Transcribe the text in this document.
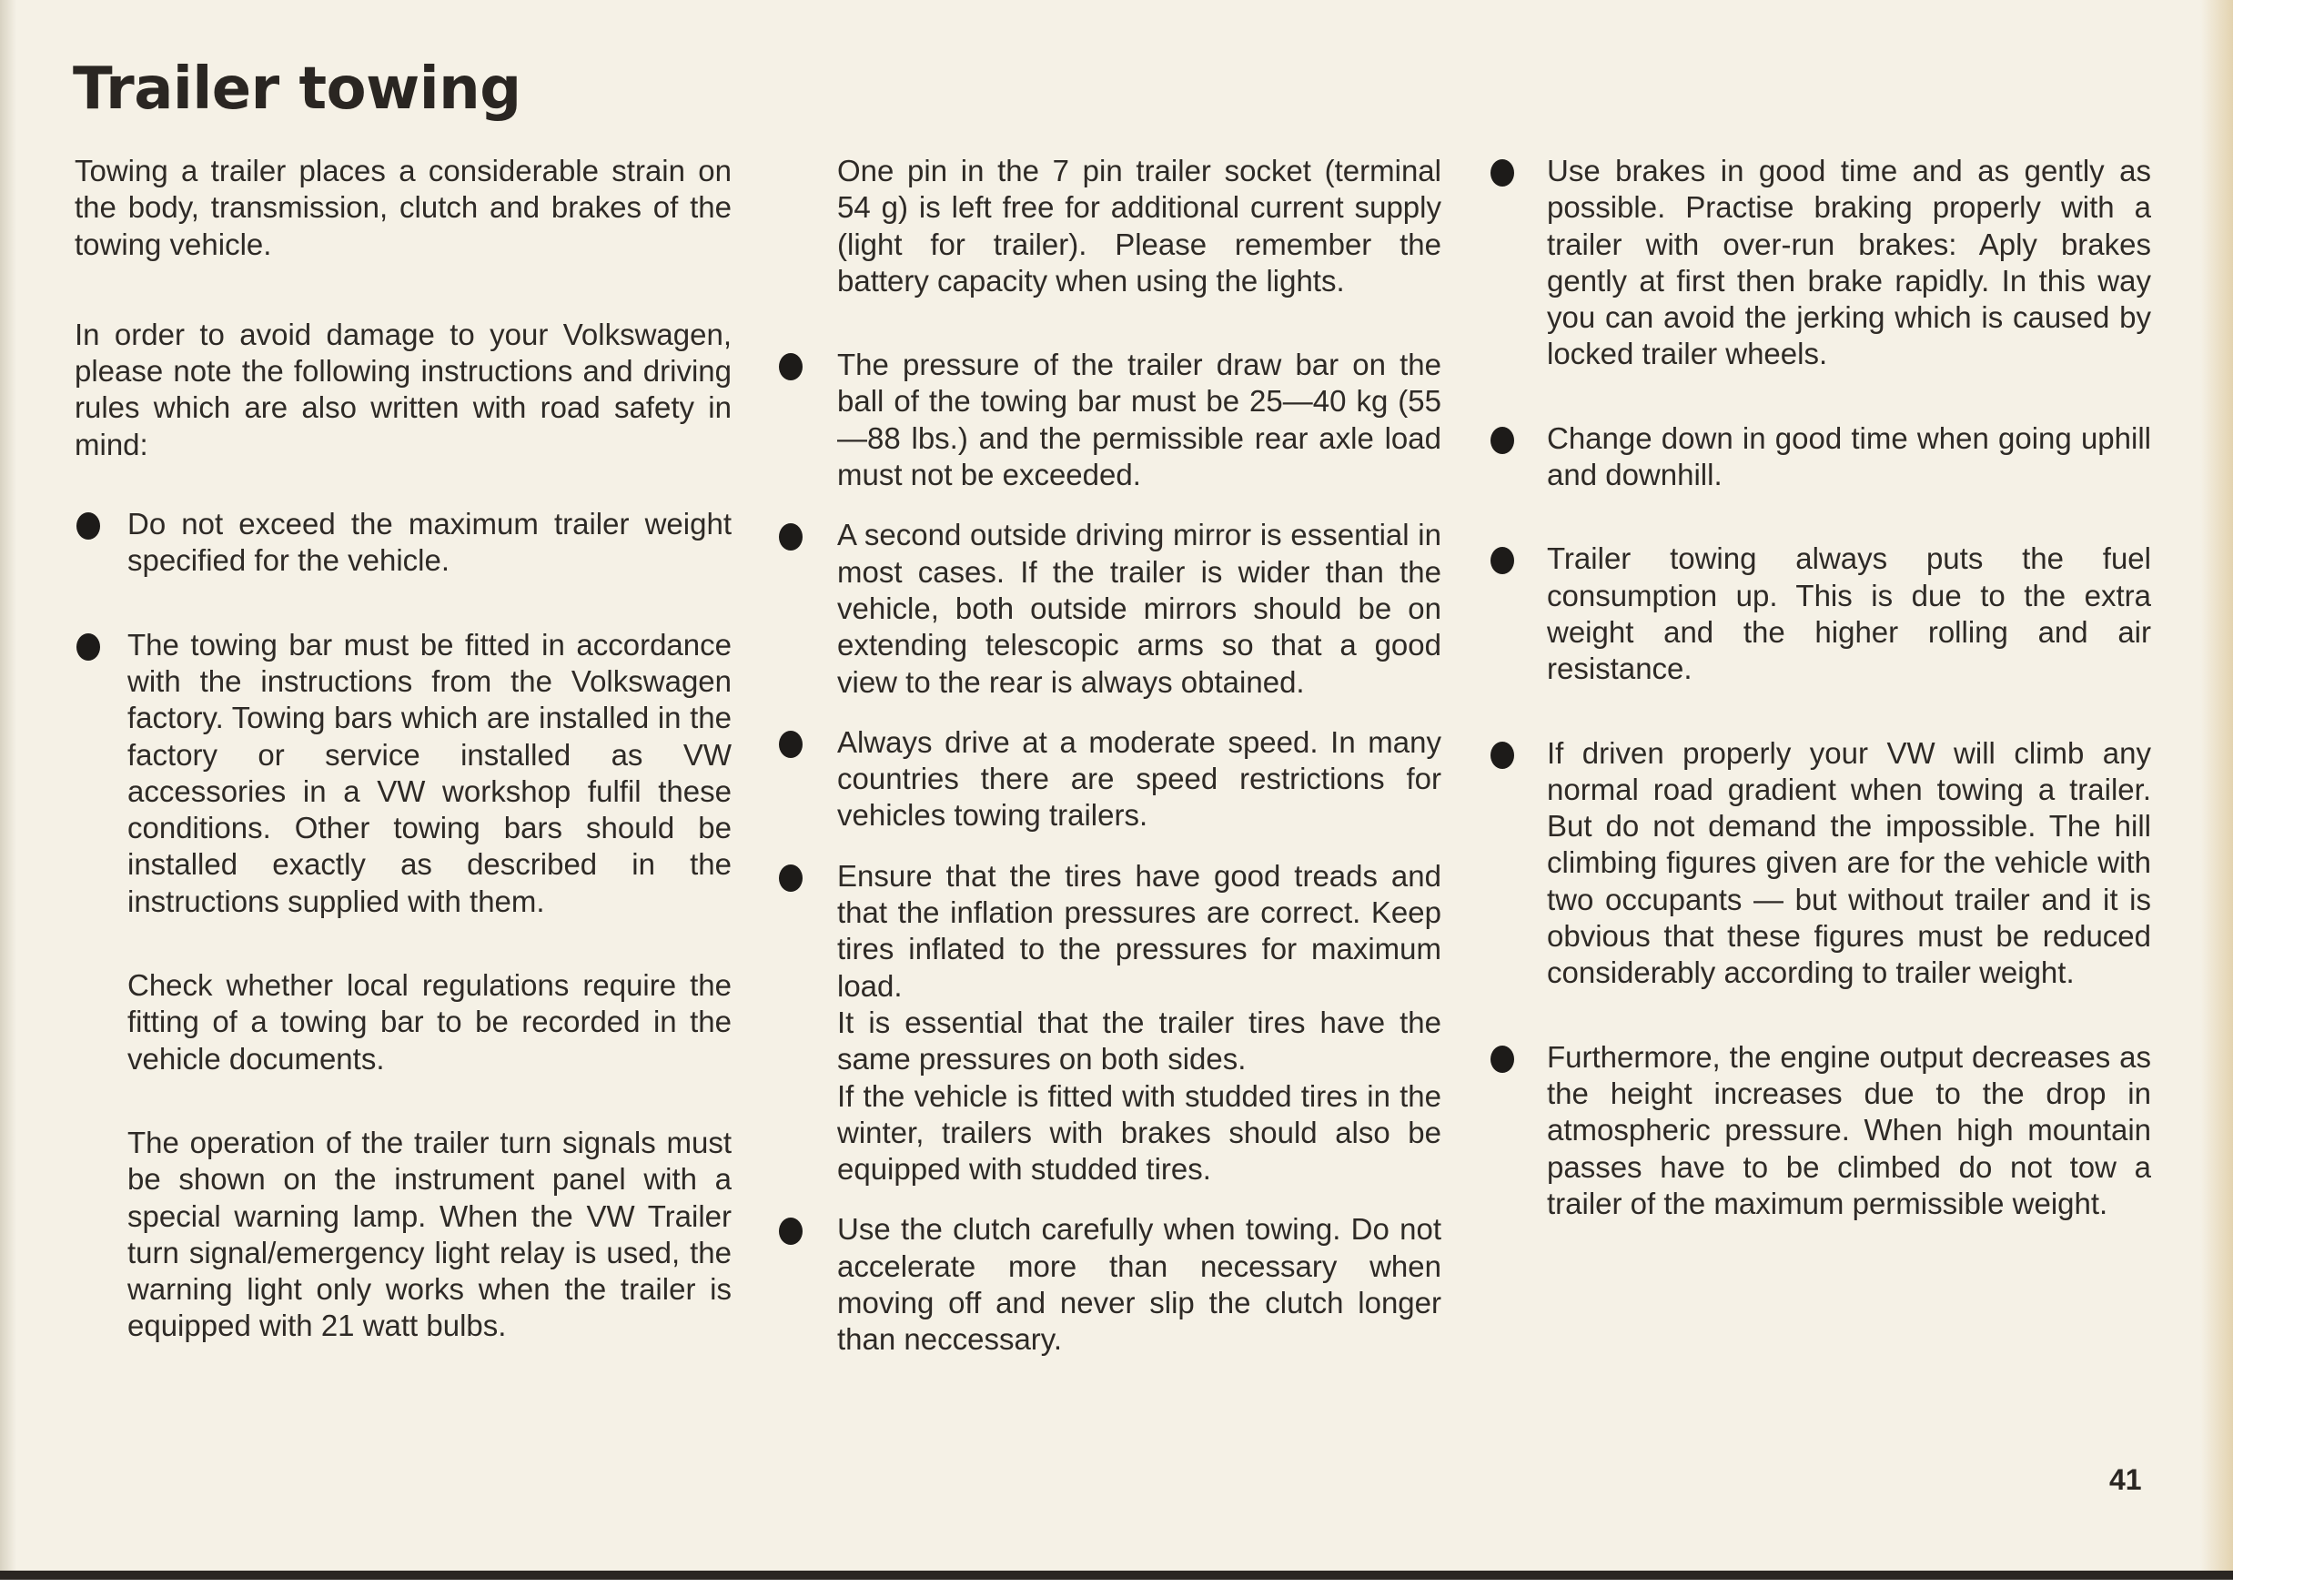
Trailer towing

Towing a trailer places a considerable strain on the body, transmission, clutch and brakes of the towing vehicle.

In order to avoid damage to your Volkswagen, please note the following instructions and driving rules which are also written with road safety in mind:

Do not exceed the maximum trailer weight specified for the vehicle.
The towing bar must be fitted in accordance with the instructions from the Volkswagen factory. Towing bars which are installed in the factory or service installed as VW accessories in a VW workshop fulfil these conditions. Other towing bars should be installed exactly as described in the instructions supplied with them.

Check whether local regulations require the fitting of a towing bar to be recorded in the vehicle documents.

The operation of the trailer turn signals must be shown on the instrument panel with a special warning lamp. When the VW Trailer turn signal/emergency light relay is used, the warning light only works when the trailer is equipped with 21 watt bulbs.

One pin in the 7 pin trailer socket (terminal 54 g) is left free for additional current supply (light for trailer). Please remember the battery capacity when using the lights.

The pressure of the trailer draw bar on the ball of the towing bar must be 25—40 kg (55—88 lbs.) and the permissible rear axle load must not be exceeded.
A second outside driving mirror is essential in most cases. If the trailer is wider than the vehicle, both outside mirrors should be on extending telescopic arms so that a good view to the rear is always obtained.
Always drive at a moderate speed. In many countries there are speed restrictions for vehicles towing trailers.
Ensure that the tires have good treads and that the inflation pressures are correct. Keep tires inflated to the pressures for maximum load.

It is essential that the trailer tires have the same pressures on both sides.

If the vehicle is fitted with studded tires in the winter, trailers with brakes should also be equipped with studded tires.

Use the clutch carefully when towing. Do not accelerate more than necessary when moving off and never slip the clutch longer than neccessary.
Use brakes in good time and as gently as possible. Practise braking properly with a trailer with over-run brakes: Aply brakes gently at first then brake rapidly. In this way you can avoid the jerking which is caused by locked trailer wheels.
Change down in good time when going uphill and downhill.
Trailer towing always puts the fuel consumption up. This is due to the extra weight and the higher rolling and air resistance.
If driven properly your VW will climb any normal road gradient when towing a trailer. But do not demand the impossible. The hill climbing figures given are for the vehicle with two occupants — but without trailer and it is obvious that these figures must be reduced considerably according to trailer weight.
Furthermore, the engine output decreases as the height increases due to the drop in atmospheric pressure. When high mountain passes have to be climbed do not tow a trailer of the maximum permissible weight.
41
